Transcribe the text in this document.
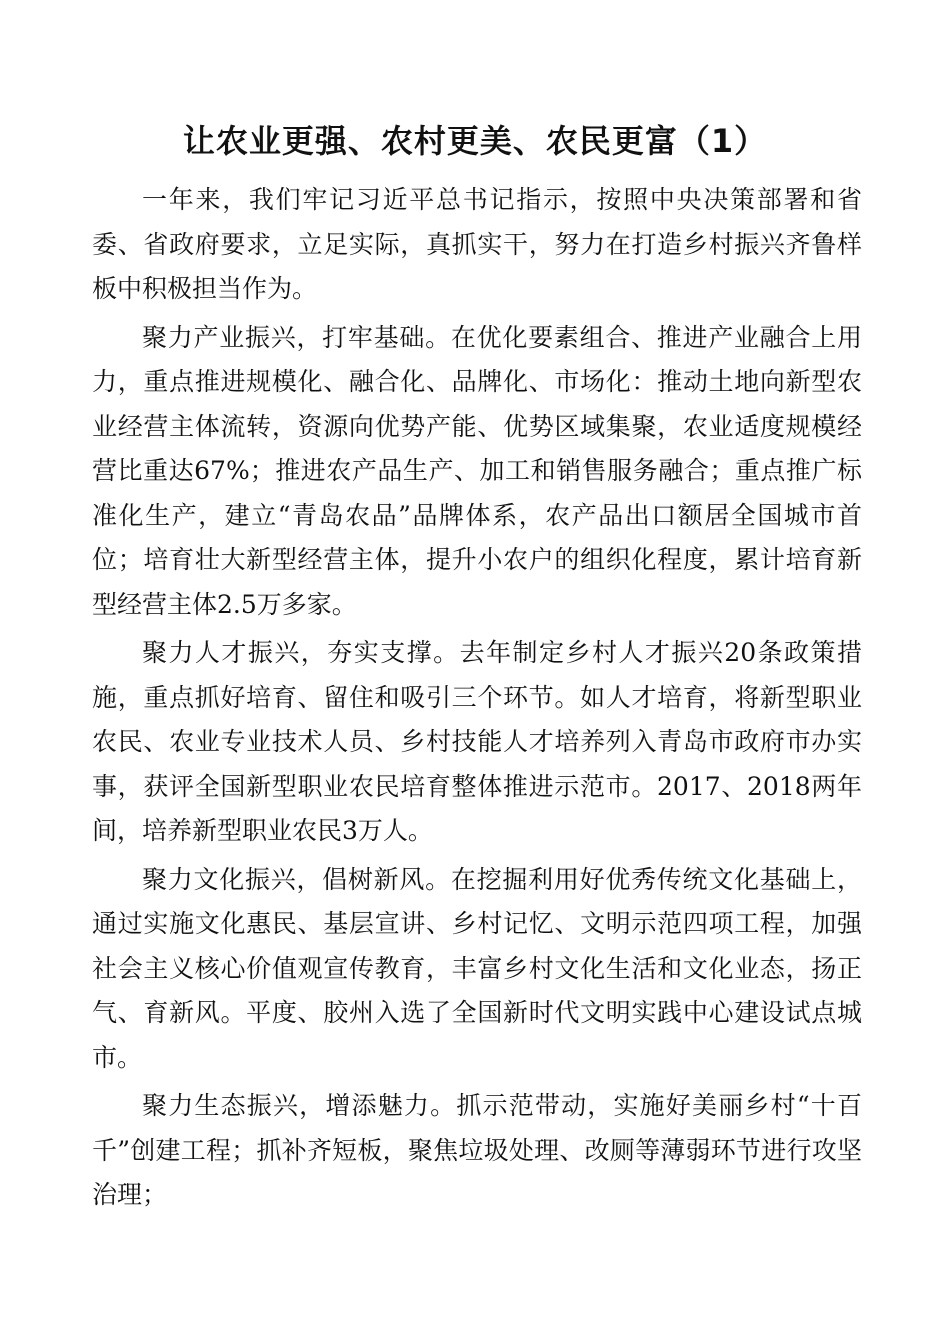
让农业更强、农村更美、农民更富（1）

一年来，我们牢记习近平总书记指示，按照中央决策部署和省委、省政府要求，立足实际，真抓实干，努力在打造乡村振兴齐鲁样板中积极担当作为。

聚力产业振兴，打牢基础。在优化要素组合、推进产业融合上用力，重点推进规模化、融合化、品牌化、市场化：推动土地向新型农业经营主体流转，资源向优势产能、优势区域集聚，农业适度规模经营比重达67%；推进农产品生产、加工和销售服务融合；重点推广标准化生产，建立“青岛农品”品牌体系，农产品出口额居全国城市首位；培育壮大新型经营主体，提升小农户的组织化程度，累计培育新型经营主体2.5万多家。

聚力人才振兴，夯实支撑。去年制定乡村人才振兴20条政策措施，重点抓好培育、留住和吸引三个环节。如人才培育，将新型职业农民、农业专业技术人员、乡村技能人才培养列入青岛市政府市办实事，获评全国新型职业农民培育整体推进示范市。2017、2018两年间，培养新型职业农民3万人。

聚力文化振兴，倡树新风。在挖掘利用好优秀传统文化基础上，通过实施文化惠民、基层宣讲、乡村记忆、文明示范四项工程，加强社会主义核心价值观宣传教育，丰富乡村文化生活和文化业态，扬正气、育新风。平度、胶州入选了全国新时代文明实践中心建设试点城市。

聚力生态振兴，增添魅力。抓示范带动，实施好美丽乡村“十百千”创建工程；抓补齐短板，聚焦垃圾处理、改厕等薄弱环节进行攻坚治理；
